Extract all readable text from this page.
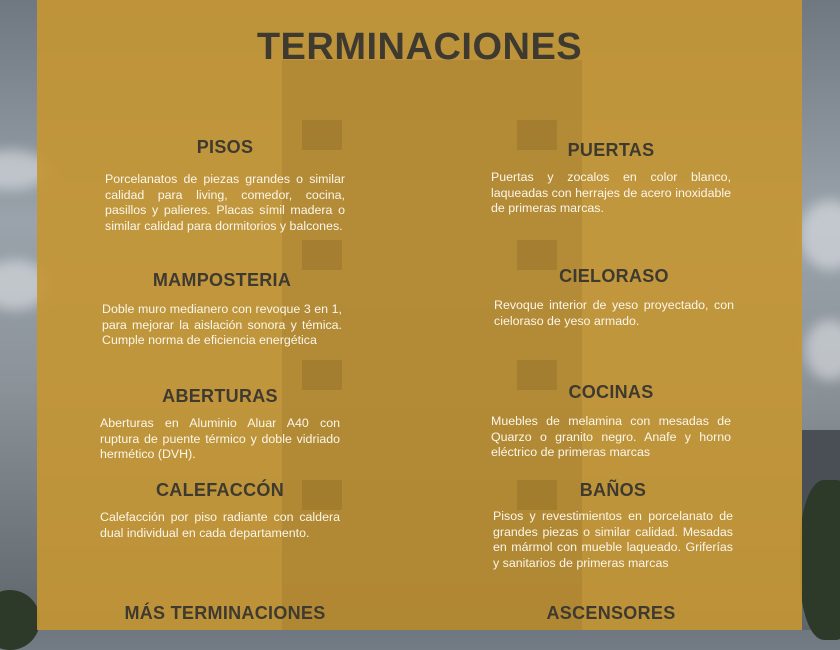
TERMINACIONES
PISOS

Porcelanatos de piezas grandes o similar calidad para living, comedor, cocina, pasillos y palieres. Placas símil madera o similar calidad para dormitorios y balcones.

MAMPOSTERIA

Doble muro medianero con revoque 3 en 1, para mejorar la aislación sonora y témica. Cumple norma de eficiencia energética

ABERTURAS

Aberturas en Aluminio Aluar A40 con ruptura de puente térmico y doble vidriado hermético (DVH).

CALEFACCÓN

Calefacción por piso radiante con caldera dual individual en cada departamento.

MÁS TERMINACIONES
PUERTAS

Puertas y zocalos en color blanco, laqueadas con herrajes de acero inoxidable de primeras marcas.

CIELORASO

Revoque interior de yeso proyectado, con cieloraso de yeso armado.

COCINAS

Muebles de melamina con mesadas de Quarzo o granito negro. Anafe y horno eléctrico de primeras marcas

BAÑOS

Pisos y revestimientos en porcelanato de grandes piezas o similar calidad. Mesadas en mármol con mueble laqueado. Griferías y sanitarios de primeras marcas

ASCENSORES
